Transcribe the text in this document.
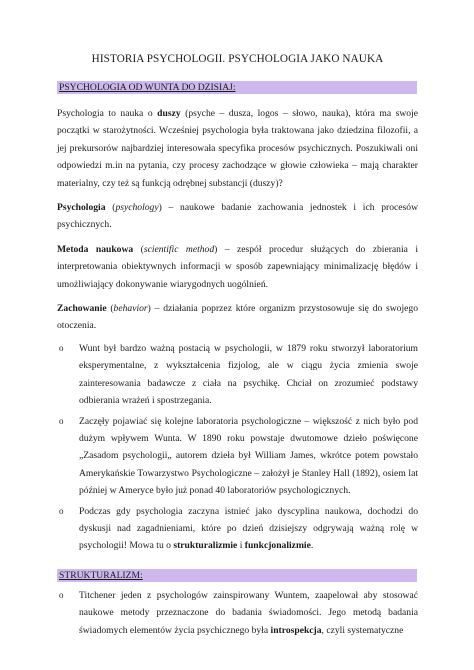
HISTORIA PSYCHOLOGII. PSYCHOLOGIA JAKO NAUKA
PSYCHOLOGIA OD WUNTA DO DZISIAJ:

Psychologia to nauka o duszy (psyche – dusza, logos – słowo, nauka), która ma swoje początki w starożytności. Wcześniej psychologia była traktowana jako dziedzina filozofii, a jej prekursorów najbardziej interesowała specyfika procesów psychicznych. Poszukiwali oni odpowiedzi m.in na pytania, czy procesy zachodzące w głowie człowieka – mają charakter materialny, czy też są funkcją odrębnej substancji (duszy)?

Psychologia (psychology) – naukowe badanie zachowania jednostek i ich procesów psychicznych.

Metoda naukowa (scientific method) – zespół procedur służących do zbierania i interpretowania obiektywnych informacji w sposób zapewniający minimalizację błędów i umożliwiający dokonywanie wiarygodnych uogólnień.

Zachowanie (behavior) – działania poprzez które organizm przystosowuje się do swojego otoczenia.

o Wunt był bardzo ważną postacią w psychologii, w 1879 roku stworzył laboratorium eksperymentalne, z wykształcenia fizjolog, ale w ciągu życia zmienia swoje zainteresowania badawcze z ciała na psychikę. Chciał on zrozumieć podstawy odbierania wrażeń i spostrzegania.
o Zaczęły pojawiać się kolejne laboratoria psychologiczne – większość z nich było pod dużym wpływem Wunta. W 1890 roku powstaje dwutomowe dzieło poświęcone „Zasadom psychologii„ autorem dzieła był William James, wkrótce potem powstało Amerykańskie Towarzystwo Psychologiczne – założył je Stanley Hall (1892), osiem lat później w Ameryce było już ponad 40 laboratoriów psychologicznych.
o Podczas gdy psychologia zaczyna istnieć jako dyscyplina naukowa, dochodzi do dyskusji nad zagadnieniami, które po dzień dzisiejszy odgrywają ważną rolę w psychologii! Mowa tu o strukturalizmie i funkcjonalizmie.
STRUKTURALIZM:
o Titchener jeden z psychologów zainspirowany Wuntem, zaapelował aby stosować naukowe metody przeznaczone do badania świadomości. Jego metodą badania świadomych elementów życia psychicznego była introspekcja, czyli systematyczne
